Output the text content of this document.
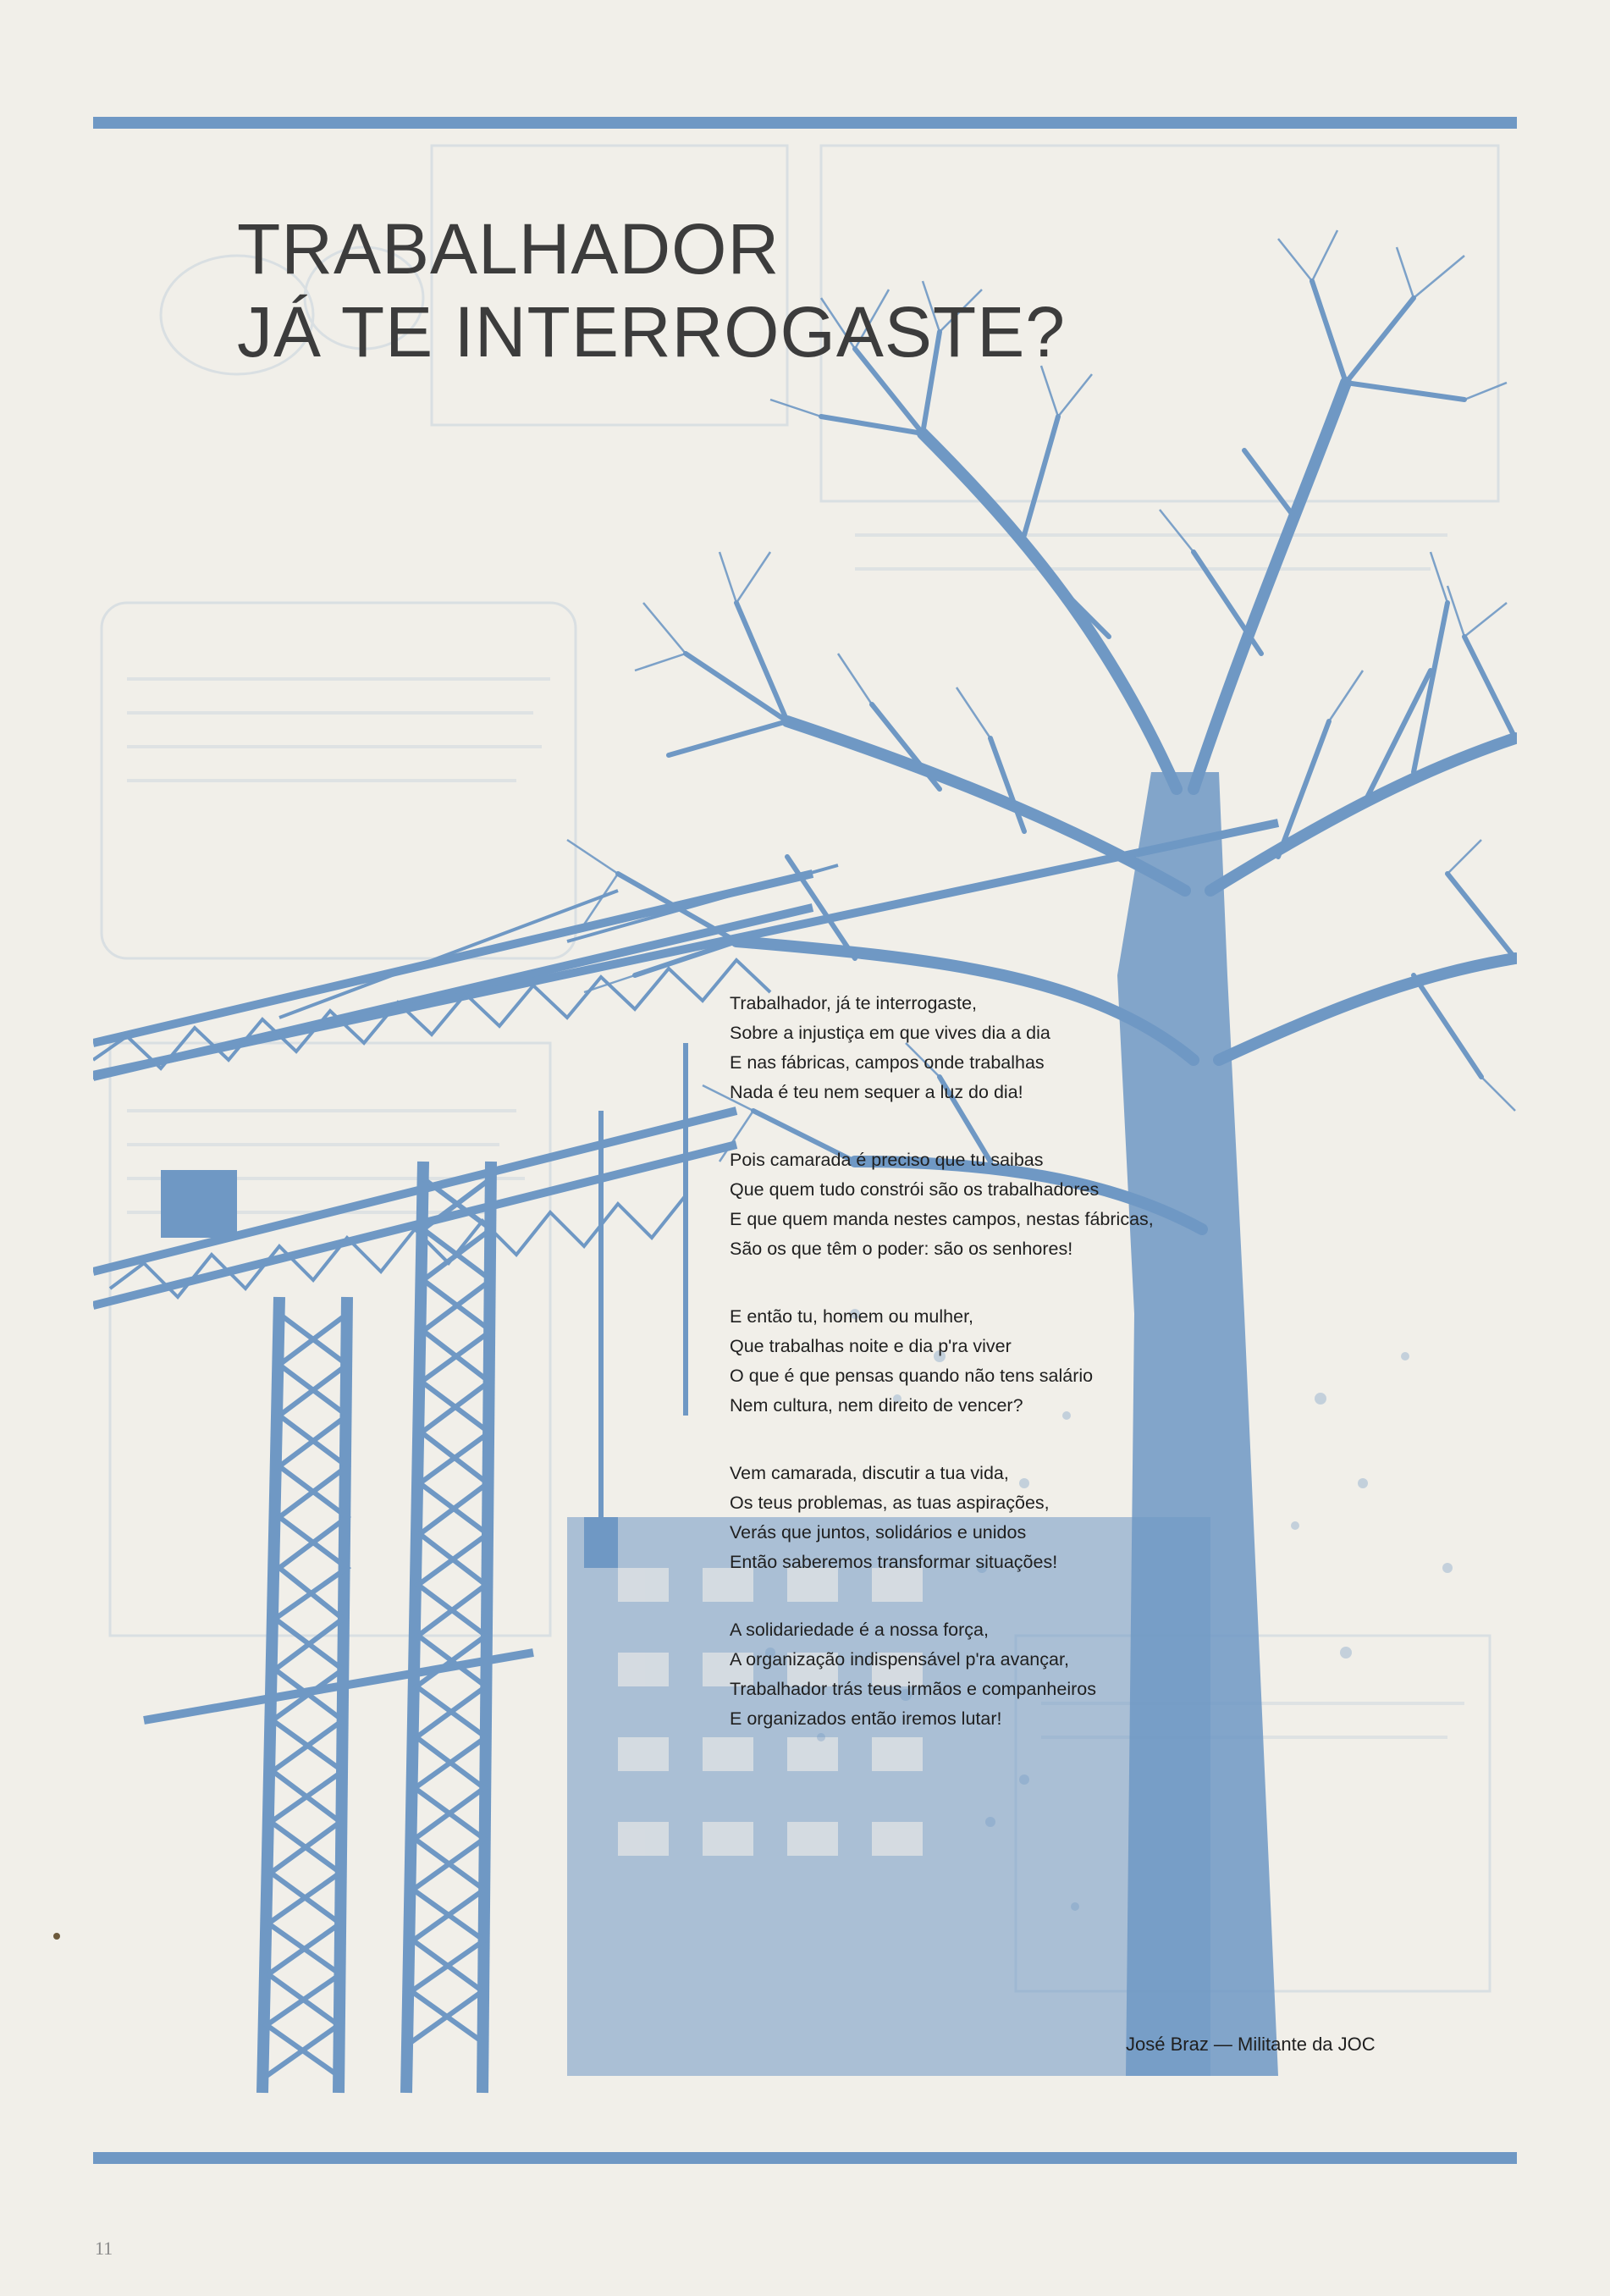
TRABALHADOR
JÁ TE INTERROGASTE?

Trabalhador, já te interrogaste,
Sobre a injustiça em que vives dia a dia
E nas fábricas, campos onde trabalhas
Nada é teu nem sequer a luz do dia!

Pois camarada é preciso que tu saibas
Que quem tudo constrói são os trabalhadores
E que quem manda nestes campos, nestas fábricas,
São os que têm o poder: são os senhores!

E então tu, homem ou mulher,
Que trabalhas noite e dia p'ra viver
O que é que pensas quando não tens salário
Nem cultura, nem direito de vencer?

Vem camarada, discutir a tua vida,
Os teus problemas, as tuas aspirações,
Verás que juntos, solidários e unidos
Então saberemos transformar situações!

A solidariedade é a nossa força,
A organização indispensável p'ra avançar,
Trabalhador trás teus irmãos e companheiros
E organizados então iremos lutar!

José Braz — Militante da JOC
11
